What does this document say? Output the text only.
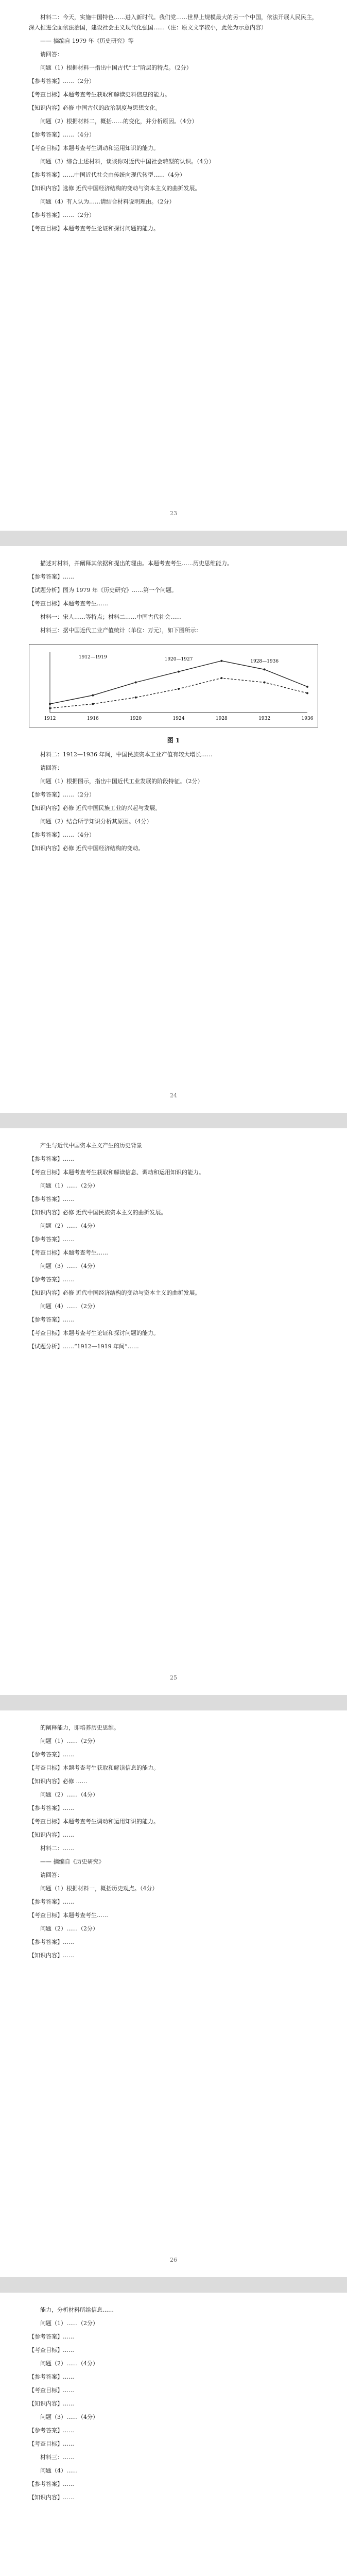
材料二：今天，实施中国特色……进入新时代。我们党……世界上规模最大的另一个中国，依法开展人民民主，深入推进全面依法治国，建设社会主义现代化强国……（注：原文文字较小，此处为示意内容）

—— 摘编自 1979 年《历史研究》等

请回答：

问题（1）根据材料一指出中国古代“士”阶层的特点。（2分）

【参考答案】……（2分）

【考查目标】本题考查考生获取和解读史料信息的能力。

【知识内容】必修 中国古代的政治制度与思想文化。

问题（2）根据材料二，概括……的变化，并分析原因。（4分）

【参考答案】……（4分）

【考查目标】本题考查考生调动和运用知识的能力。

问题（3）综合上述材料，谈谈你对近代中国社会转型的认识。（4分）

【参考答案】……中国近代社会由传统向现代转型……（4分）

【知识内容】选修 近代中国经济结构的变动与资本主义的曲折发展。

问题（4）有人认为……请结合材料说明理由。（2分）

【参考答案】……（2分）

【考查目标】本题考查考生论证和探讨问题的能力。

23

描述对材料，并阐释其依据和提出的理由。本题考查考生……历史思维能力。

【参考答案】……

【试题分析】图为 1979 年《历史研究》……第一个问题。

【考查目标】本题考查考生……

材料一：宋人……等特点；材料二……中国古代社会……

材料三：据中国近代工业产值统计（单位：万元），如下图所示：

1912	1916	1920	1924	1928	1932	1936
1912—1919	1920—1927	1928—1936
图 1

材料二：1912—1936 年间，中国民族资本工业产值有较大增长……

请回答：

问题（1）根据图示，指出中国近代工业发展的阶段特征。（2分）

【参考答案】……（2分）

【知识内容】必修 近代中国民族工业的兴起与发展。

问题（2）结合所学知识分析其原因。（4分）

【参考答案】……（4分）

【知识内容】必修 近代中国经济结构的变动。

24

产生与近代中国资本主义产生的历史背景

【参考答案】……

【考查目标】本题考查考生获取和解读信息、调动和运用知识的能力。

问题（1）……（2分）

【参考答案】……

【知识内容】必修 近代中国民族资本主义的曲折发展。

问题（2）……（4分）

【参考答案】……

【考查目标】本题考查考生……

问题（3）……（4分）

【参考答案】……

【知识内容】必修 近代中国经济结构的变动与资本主义的曲折发展。

问题（4）……（2分）

【参考答案】……

【考查目标】本题考查考生论证和探讨问题的能力。

【试题分析】……“1912—1919 年间”……

25

的阐释能力，即培养历史思维。

问题（1）……（2分）

【参考答案】……

【考查目标】本题考查考生获取和解读信息的能力。

【知识内容】必修 ……

问题（2）……（4分）

【参考答案】……

【考查目标】本题考查考生调动和运用知识的能力。

【知识内容】……

材料二：……

—— 摘编自《历史研究》

请回答：

问题（1）根据材料一，概括历史观点。（4分）

【参考答案】……

【考查目标】本题考查考生……

问题（2）……（2分）

【参考答案】……

【知识内容】……

26

能力，分析材料所给信息……

问题（1）……（2分）

【参考答案】……

【考查目标】……

问题（2）……（4分）

【参考答案】……

【考查目标】……

【知识内容】……

问题（3）……（4分）

【参考答案】……

【考查目标】……

材料三：……

问题（4）……

【参考答案】……

【知识内容】……
